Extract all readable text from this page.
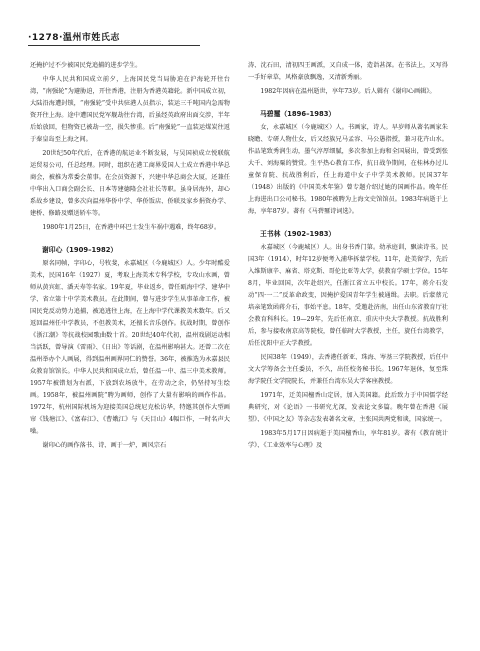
·1278·温州市姓氏志

还掩护过不少被国民党追捕的进步学生。

中华人民共和国成立前夕，上海国民党当局胁迫在沪海轮开往台湾，“南强轮”为避胁迫，开往香港，注册为香港英籍轮。新中国成立初，大陆沿海遭封锁，“南强轮”受中共驻港人员指示，装运三千吨国内急需物资开往上海。途中遭国民党军舰劫往台湾，后虽经英政府出面交涉，半年后始放回，但物资已被劫一空，损失惨重。后“南强轮”一直装运煤炭往返于秦皇岛至上海之间。

20世纪50年代后，在香港的航运业不断发展，与吴国祯成立悦联航运贸易公司，任总经理。同时，组织在港工商界爱国人士成立香港中华总商会，被推为常委会董事。在会员资源下，兴建中华总商会大厦，还兼任中华出入口商会副会长、日本等建德隆会社社长等职。虽身居海外，却心系故乡建设，曾多次向温州华侨中学、华侨饭店、侨联及家乡捐资办学、建桥、修路及赠送轿车等。

1980年1月25日，在香港中环巴士发生车祸中遇难，终年68岁。

谢印心（1909–1982）

原名同帧，字印心，号牧斐，永嘉城区（今鹿城区）人。少年时酷爱美术，民国16年（1927）夏，考取上海美术专科学校，专攻山水画，曾师从黄宾虹、潘天寿等名家。19年夏，毕业返乡，曾任瓯海中学、建华中学、省立第十中学美术教员。在此期间，曾与进步学生从事革命工作，被国民党反动势力追捕，被追逃往上海，在上海中学代课教美术数年。后又返回温州任中学教员，不但教美术，还擅长音乐创作。抗战时期，曾创作《浙江潮》等抗战校园歌曲数十首。20世纪40年代初，温州戏剧运动相当活跃，曾导演《雷雨》、《日出》等话剧，在温州影响甚大。还曾二次在温州举办个人画展，得到温州画界同仁的赞誉。36年，被推选为永嘉县民众教育馆馆长。中华人民共和国成立后，曾任温一中、温三中美术教师。1957年被错划为右派，下放到农场放牛，在劳动之余，仍坚持写生绘画。1958年，被温州画院“聘为画师，创作了大量有影响的画作作品。1972年，杭州国际机场为迎接美国总统尼克松访华，特邀其创作大型画帘《钱塘江》、《富春江》、《曹娥江》与《天目山》4幅巨作，一时名声大噪。

谢印心的画作落书、诗、画于一炉，画风宗石

涛、沈石田，清初四王画派，又自成一体，造诣甚深。在书法上，又写得一手好章草，风格豪放飘逸，又清新秀丽。

1982年因病在温州逝世，享年73岁。后人辑有《谢印心画辑》。

马碧璽（1896–1983）

女，永嘉城区（今鹿城区）人。书画家，诗人。早岁师从著名画家朱晓瞻、专研人物仕女，后又经族兄马孟容、马公愚指授，兼习花卉山水。作品笔致秀润生动，墨气淳厚细腻，多次参加上海和全国展出，曾受到张大千、刘海粟的赞赏。生平热心教育工作，抗日战争期间，在桂林办过儿童保育院、抗战胜利后，任上海道中女子中学美术教师。民国37年（1948）出版的《中国美术年鉴》曾专题介绍过她的国画作品。晚年任上海进出口公司秘书。1980年被聘为上海文史馆馆员。1983年病逝于上海，享年87岁。著有《马碧璽诗词选》。

王书林（1902–1983）

永嘉城区（今鹿城区）人。出身书香门第。幼承庭训，飘读诗书。民国3年（1914），时年12岁便考入浦华拆蒙学校。11年，赴美留学，先后入维斯康辛、麻省、塔克斯、哥伦比亚等大学，获教育学硕士学位。15年8月，毕业回国，次年赴绍兴，任浙江省立五中校长。17年，蒋介石发动“四·一二”反革命政变，因掩护爱国青年学生被通缉。去职。后蒙蔡元培亲笔致函蒋介石，事始平息。18年，受邀赴济南，出任山东省教育厅社会教育科科长。19—29年，先后任南京、重庆中央大学教授。抗战胜利后，参与接收南京高等院校，曾任临时大学教授，主任，旋任台湾教学，后任沈阳中正大学教授。

民国38年（1949），去香港任新亚、珠海、岑基三学院教授，后任中文大学筹备会主任委员，不久，出任校务秘书长。1967年退休，复至珠海学院任文学院院长，并兼任台湾东吴大学客座教授。

1971年，迁美国檀香山定居，加入美国籍。此后致力于中国儒学经典研究，对《论语》一书研究尤深，发表论文多篇。晚年曾在香港《展望》、《中国之友》等杂志发表著名文章，主张国共两党和谈，国家统一。

1983年5月17日因病逝于美国檀香山，享年81岁。著有《教育统计学》、《工业效率与心理》及
